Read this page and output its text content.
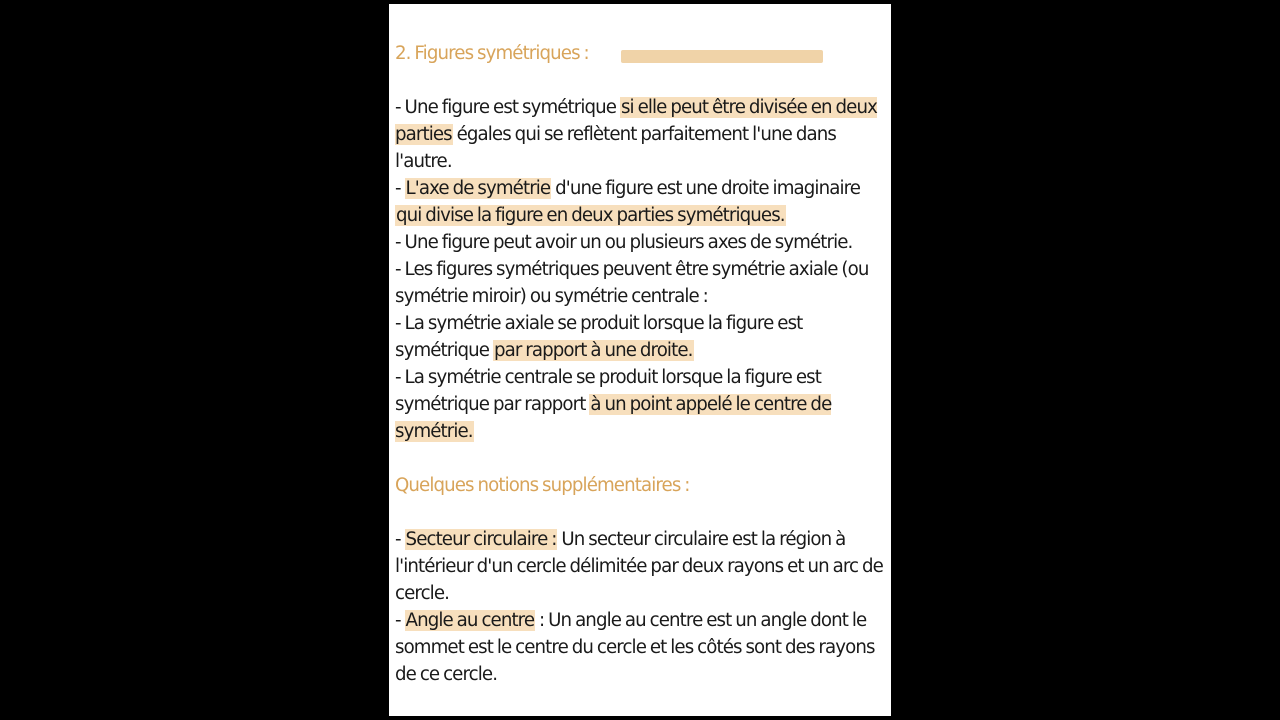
2. Figures symétriques :

- Une figure est symétrique si elle peut être divisée en deux parties égales qui se reflètent parfaitement l'une dans l'autre.

- L'axe de symétrie d'une figure est une droite imaginaire qui divise la figure en deux parties symétriques.

- Une figure peut avoir un ou plusieurs axes de symétrie.

- Les figures symétriques peuvent être symétrie axiale (ou symétrie miroir) ou symétrie centrale :

- La symétrie axiale se produit lorsque la figure est symétrique par rapport à une droite.

- La symétrie centrale se produit lorsque la figure est symétrique par rapport à un point appelé le centre de symétrie.

Quelques notions supplémentaires :

- Secteur circulaire : Un secteur circulaire est la région à l'intérieur d'un cercle délimitée par deux rayons et un arc de cercle.

- Angle au centre : Un angle au centre est un angle dont le sommet est le centre du cercle et les côtés sont des rayons de ce cercle.
